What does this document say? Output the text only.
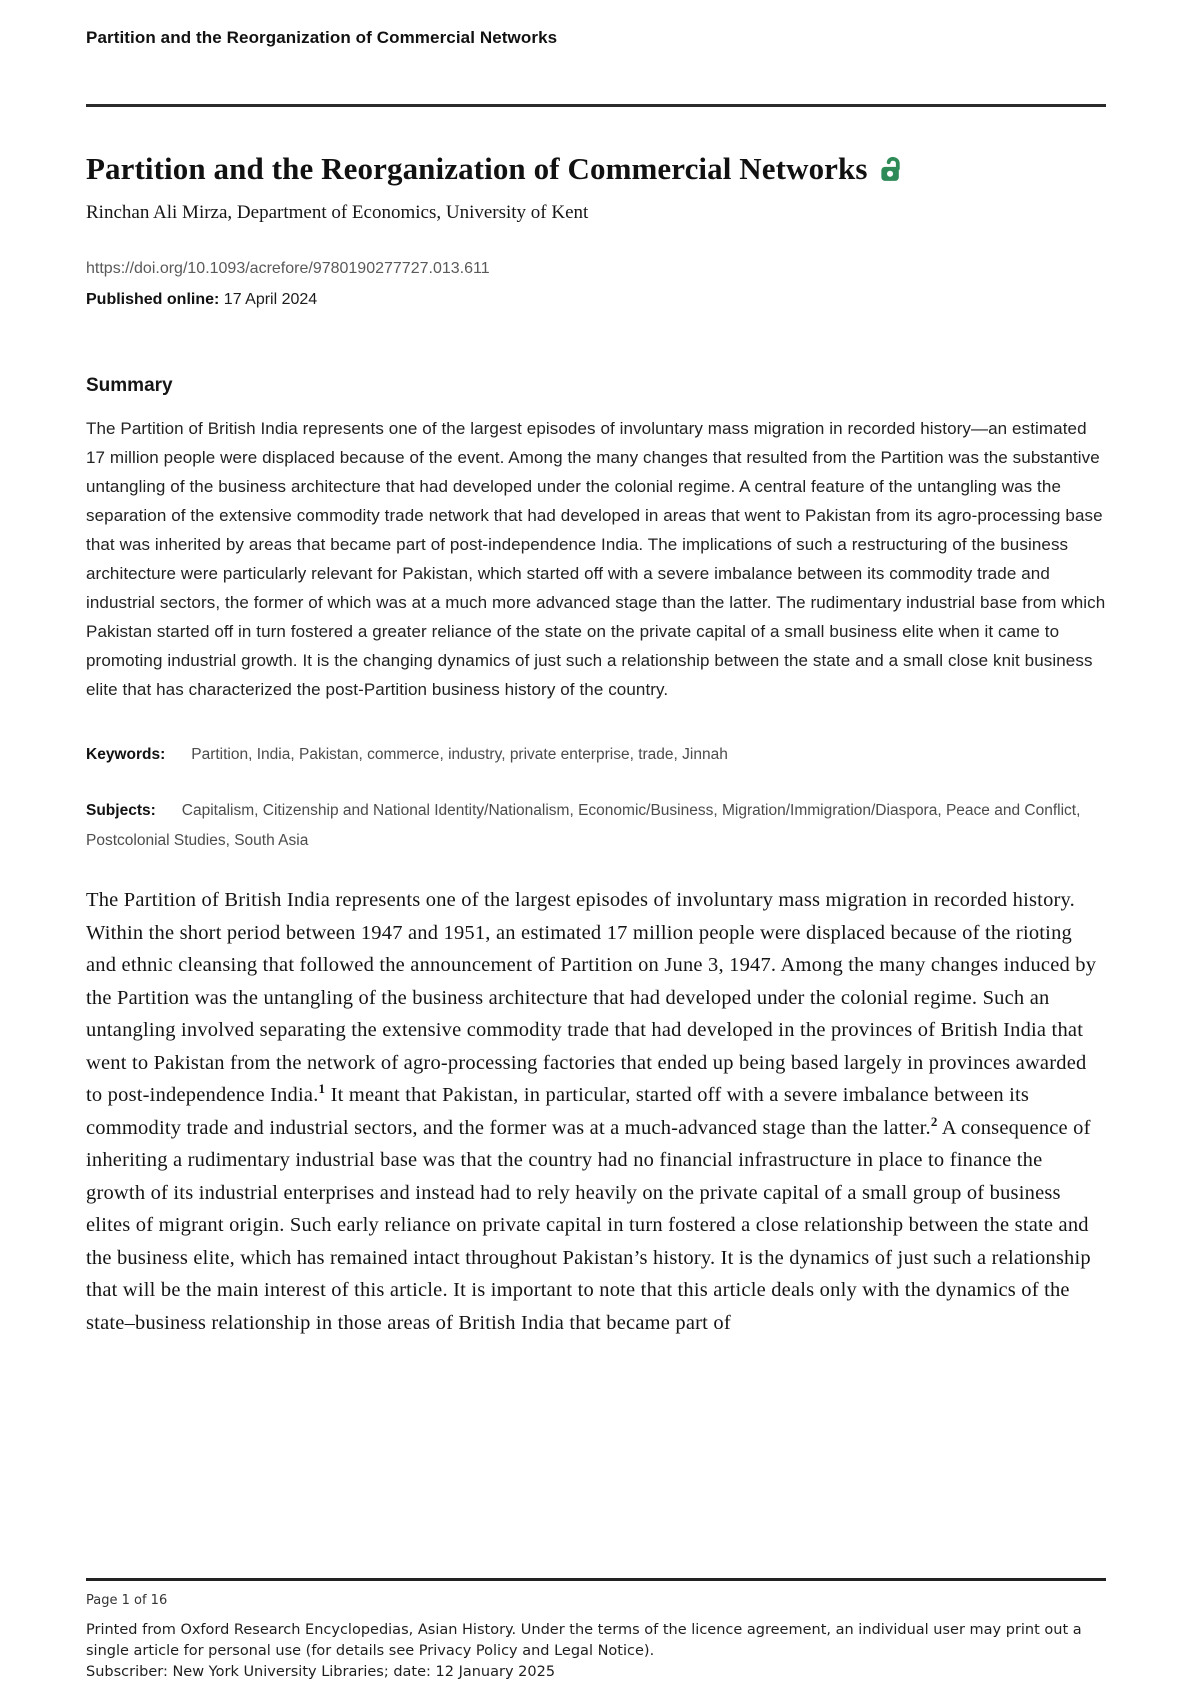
Partition and the Reorganization of Commercial Networks
Partition and the Reorganization of Commercial Networks
Rinchan Ali Mirza, Department of Economics, University of Kent
https://doi.org/10.1093/acrefore/9780190277727.013.611
Published online: 17 April 2024
Summary

The Partition of British India represents one of the largest episodes of involuntary mass migration in recorded history—an estimated 17 million people were displaced because of the event. Among the many changes that resulted from the Partition was the substantive untangling of the business architecture that had developed under the colonial regime. A central feature of the untangling was the separation of the extensive commodity trade network that had developed in areas that went to Pakistan from its agro-processing base that was inherited by areas that became part of post-independence India. The implications of such a restructuring of the business architecture were particularly relevant for Pakistan, which started off with a severe imbalance between its commodity trade and industrial sectors, the former of which was at a much more advanced stage than the latter. The rudimentary industrial base from which Pakistan started off in turn fostered a greater reliance of the state on the private capital of a small business elite when it came to promoting industrial growth. It is the changing dynamics of just such a relationship between the state and a small close knit business elite that has characterized the post-Partition business history of the country.

Keywords: Partition, India, Pakistan, commerce, industry, private enterprise, trade, Jinnah

Subjects: Capitalism, Citizenship and National Identity/Nationalism, Economic/Business, Migration/Immigration/Diaspora, Peace and Conflict, Postcolonial Studies, South Asia

The Partition of British India represents one of the largest episodes of involuntary mass migration in recorded history. Within the short period between 1947 and 1951, an estimated 17 million people were displaced because of the rioting and ethnic cleansing that followed the announcement of Partition on June 3, 1947. Among the many changes induced by the Partition was the untangling of the business architecture that had developed under the colonial regime. Such an untangling involved separating the extensive commodity trade that had developed in the provinces of British India that went to Pakistan from the network of agro-processing factories that ended up being based largely in provinces awarded to post-independence India.$^1$ It meant that Pakistan, in particular, started off with a severe imbalance between its commodity trade and industrial sectors, and the former was at a much-advanced stage than the latter.$^2$ A consequence of inheriting a rudimentary industrial base was that the country had no financial infrastructure in place to finance the growth of its industrial enterprises and instead had to rely heavily on the private capital of a small group of business elites of migrant origin. Such early reliance on private capital in turn fostered a close relationship between the state and the business elite, which has remained intact throughout Pakistan’s history. It is the dynamics of just such a relationship that will be the main interest of this article. It is important to note that this article deals only with the dynamics of the state–business relationship in those areas of British India that became part of

Page 1 of 16
Printed from Oxford Research Encyclopedias, Asian History. Under the terms of the licence agreement, an individual user may print out a single article for personal use (for details see Privacy Policy and Legal Notice).
Subscriber: New York University Libraries; date: 12 January 2025
